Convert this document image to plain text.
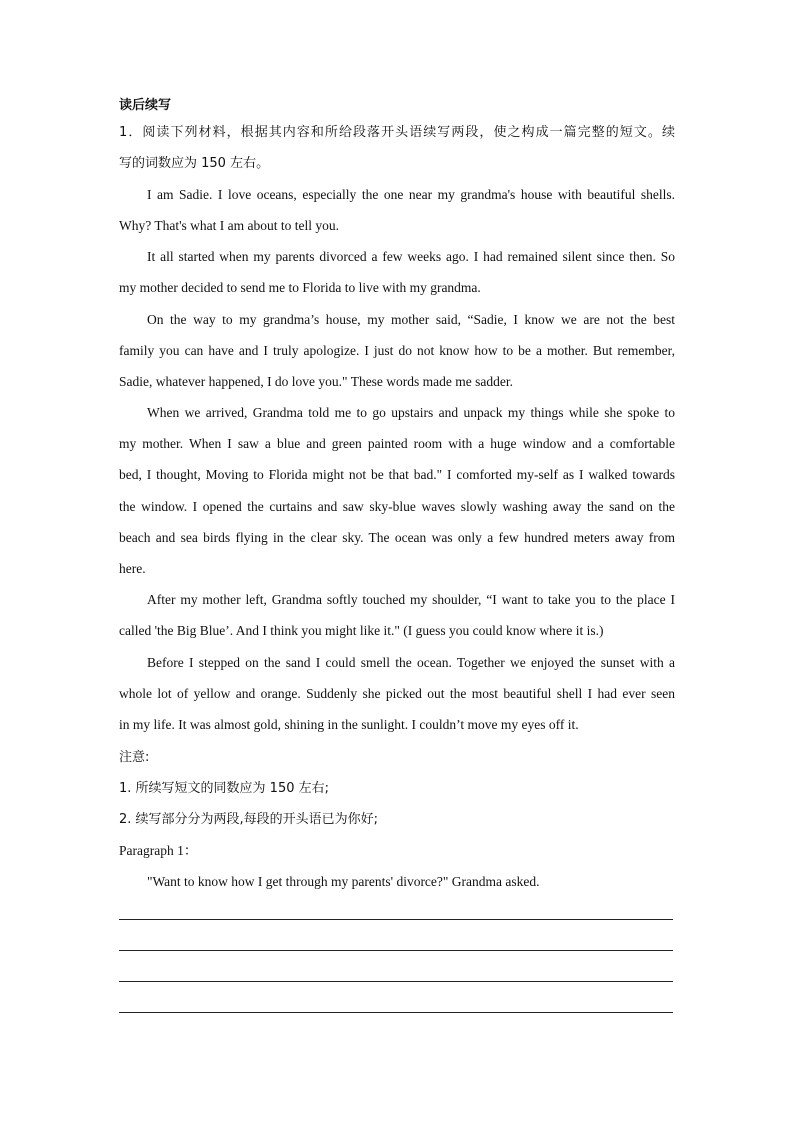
读后续写
1．阅读下列材料，根据其内容和所给段落开头语续写两段，使之构成一篇完整的短文。续
写的词数应为 150 左右。
I am Sadie. I love oceans, especially the one near my grandma's house with beautiful shells.
Why? That's what I am about to tell you.
It all started when my parents divorced a few weeks ago. I had remained silent since then. So
my mother decided to send me to Florida to live with my grandma.
On the way to my grandma’s house, my mother said, “Sadie, I know we are not the best
family you can have and I truly apologize. I just do not know how to be a mother. But remember,
Sadie, whatever happened, I do love you." These words made me sadder.
When we arrived, Grandma told me to go upstairs and unpack my things while she spoke to
my mother. When I saw a blue and green painted room with a huge window and a comfortable
bed, I thought, Moving to Florida might not be that bad." I comforted my-self as I walked towards
the window. I opened the curtains and saw sky-blue waves slowly washing away the sand on the
beach and sea birds flying in the clear sky. The ocean was only a few hundred meters away from
here.
After my mother left, Grandma softly touched my shoulder, “I want to take you to the place I
called 'the Big Blue’. And I think you might like it." (I guess you could know where it is.)
Before I stepped on the sand I could smell the ocean. Together we enjoyed the sunset with a
whole lot of yellow and orange. Suddenly she picked out the most beautiful shell I had ever seen
in my life. It was almost gold, shining in the sunlight. I couldn’t move my eyes off it.
注意:
1. 所续写短文的同数应为 150 左右;
2. 续写部分分为两段,每段的开头语已为你好;
Paragraph 1：
"Want to know how I get through my parents' divorce?" Grandma asked.
